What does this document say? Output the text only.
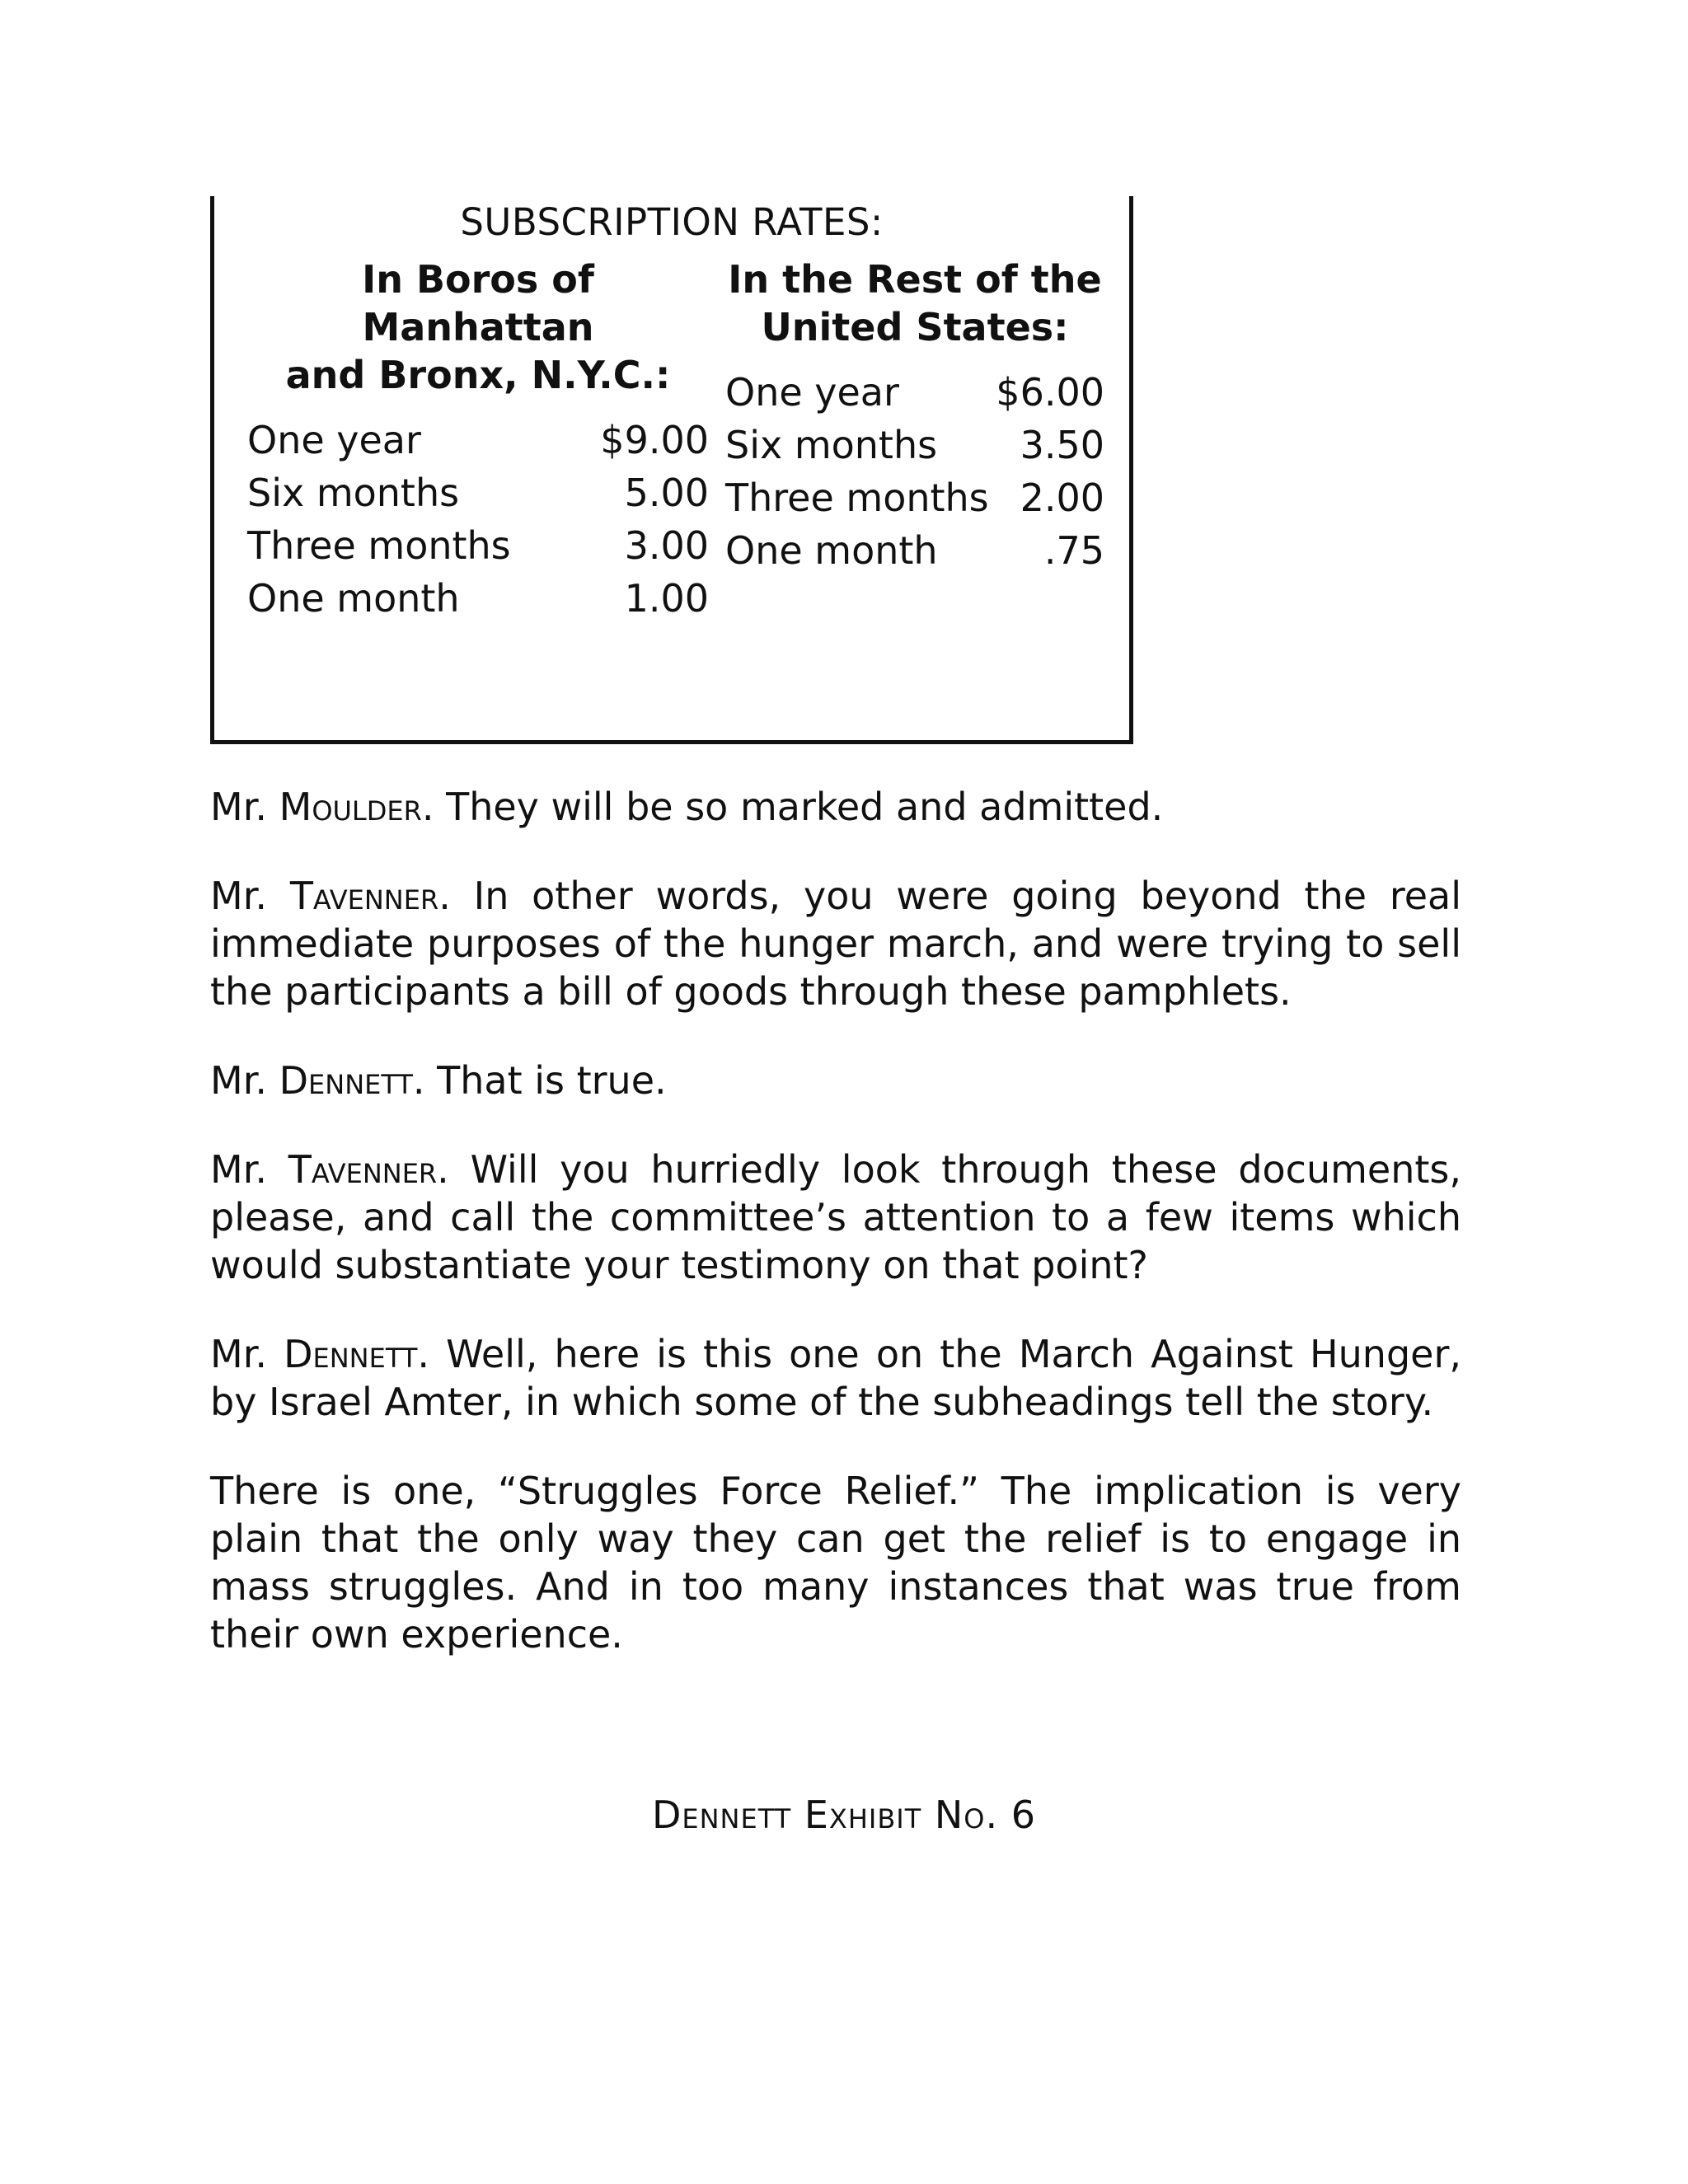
SUBSCRIPTION RATES:
In Boros of Manhattan
and Bronx, N.Y.C.:
One year	$9.00
Six months	5.00
Three months	3.00
One month	1.00
In the Rest of the
United States:
One year	$6.00
Six months 3.50
Three months 2.00
One month	.75

Mr. Moulder. They will be so marked and admitted.

Mr. Tavenner. In other words, you were going beyond the real immediate purposes of the hunger march, and were trying to sell the participants a bill of goods through these pamphlets.

Mr. Dennett. That is true.

Mr. Tavenner. Will you hurriedly look through these documents, please, and call the committee’s attention to a few items which would substantiate your testimony on that point?

Mr. Dennett. Well, here is this one on the March Against Hunger, by Israel Amter, in which some of the subheadings tell the story.

There is one, “Struggles Force Relief.” The implication is very plain that the only way they can get the relief is to engage in mass struggles. And in too many instances that was true from their own experience.

Dennett Exhibit No. 6
